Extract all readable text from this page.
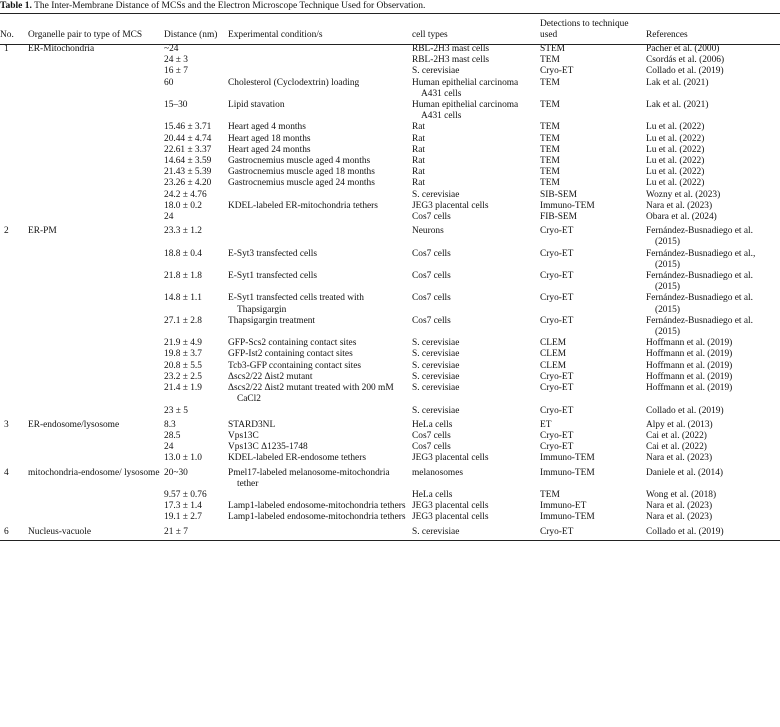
Table 1. The Inter-Membrane Distance of MCSs and the Electron Microscope Technique Used for Observation.
No.	Organelle pair to type of MCS	Distance (nm)	Experimental condition/s	cell types	Detections to technique used	References
1	ER-Mitochondria	~24		RBL-2H3 mast cells	STEM	Pacher et al. (2000)
		24 ± 3		RBL-2H3 mast cells	TEM	Csordás et al. (2006)
		16 ± 7		S. cerevisiae	Cryo-ET	Collado et al. (2019)
		60	Cholesterol (Cyclodextrin) loading	Human epithelial carcinoma A431 cells	TEM	Lak et al. (2021)
		15–30	Lipid stavation	Human epithelial carcinoma A431 cells	TEM	Lak et al. (2021)
		15.46 ± 3.71	Heart aged 4 months	Rat	TEM	Lu et al. (2022)
		20.44 ± 4.74	Heart aged 18 months	Rat	TEM	Lu et al. (2022)
		22.61 ± 3.37	Heart aged 24 months	Rat	TEM	Lu et al. (2022)
		14.64 ± 3.59	Gastrocnemius muscle aged 4 months	Rat	TEM	Lu et al. (2022)
		21.43 ± 5.39	Gastrocnemius muscle aged 18 months	Rat	TEM	Lu et al. (2022)
		23.26 ± 4.20	Gastrocnemius muscle aged 24 months	Rat	TEM	Lu et al. (2022)
		24.2 ± 4.76		S. cerevisiae	SIB-SEM	Wozny et al. (2023)
		18.0 ± 0.2	KDEL-labeled ER-mitochondria tethers	JEG3 placental cells	Immuno-TEM	Nara et al. (2023)
		24		Cos7 cells	FIB-SEM	Obara et al. (2024)
2	ER-PM	23.3 ± 1.2		Neurons	Cryo-ET	Fernández-Busnadiego et al. (2015)
		18.8 ± 0.4	E-Syt3 transfected cells	Cos7 cells	Cryo-ET	Fernández-Busnadiego et al., (2015)
		21.8 ± 1.8	E-Syt1 transfected cells	Cos7 cells	Cryo-ET	Fernández-Busnadiego et al. (2015)
		14.8 ± 1.1	E-Syt1 transfected cells treated with Thapsigargin	Cos7 cells	Cryo-ET	Fernández-Busnadiego et al. (2015)
		27.1 ± 2.8	Thapsigargin treatment	Cos7 cells	Cryo-ET	Fernández-Busnadiego et al. (2015)
		21.9 ± 4.9	GFP-Scs2 containing contact sites	S. cerevisiae	CLEM	Hoffmann et al. (2019)
		19.8 ± 3.7	GFP-Ist2 containing contact sites	S. cerevisiae	CLEM	Hoffmann et al. (2019)
		20.8 ± 5.5	Tcb3-GFP ccontaining contact sites	S. cerevisiae	CLEM	Hoffmann et al. (2019)
		23.2 ± 2.5	Δscs2/22 Δist2 mutant	S. cerevisiae	Cryo-ET	Hoffmann et al. (2019)
		21.4 ± 1.9	Δscs2/22 Δist2 mutant treated with 200 mM CaCl2	S. cerevisiae	Cryo-ET	Hoffmann et al. (2019)
		23 ± 5		S. cerevisiae	Cryo-ET	Collado et al. (2019)
3	ER-endosome/lysosome	8.3	STARD3NL	HeLa cells	ET	Alpy et al. (2013)
		28.5	Vps13C	Cos7 cells	Cryo-ET	Cai et al. (2022)
		24	Vps13C Δ1235-1748	Cos7 cells	Cryo-ET	Cai et al. (2022)
		13.0 ± 1.0	KDEL-labeled ER-endosome tethers	JEG3 placental cells	Immuno-TEM	Nara et al. (2023)
4	mitochondria-endosome/ lysosome	20~30	Pmel17-labeled melanosome-mitochondria tether	melanosomes	Immuno-TEM	Daniele et al. (2014)
		9.57 ± 0.76		HeLa cells	TEM	Wong et al. (2018)
		17.3 ± 1.4	Lamp1-labeled endosome-mitochondria tethers	JEG3 placental cells	Immuno-ET	Nara et al. (2023)
		19.1 ± 2.7	Lamp1-labeled endosome-mitochondria tethers	JEG3 placental cells	Immuno-TEM	Nara et al. (2023)
6	Nucleus-vacuole	21 ± 7		S. cerevisiae	Cryo-ET	Collado et al. (2019)
